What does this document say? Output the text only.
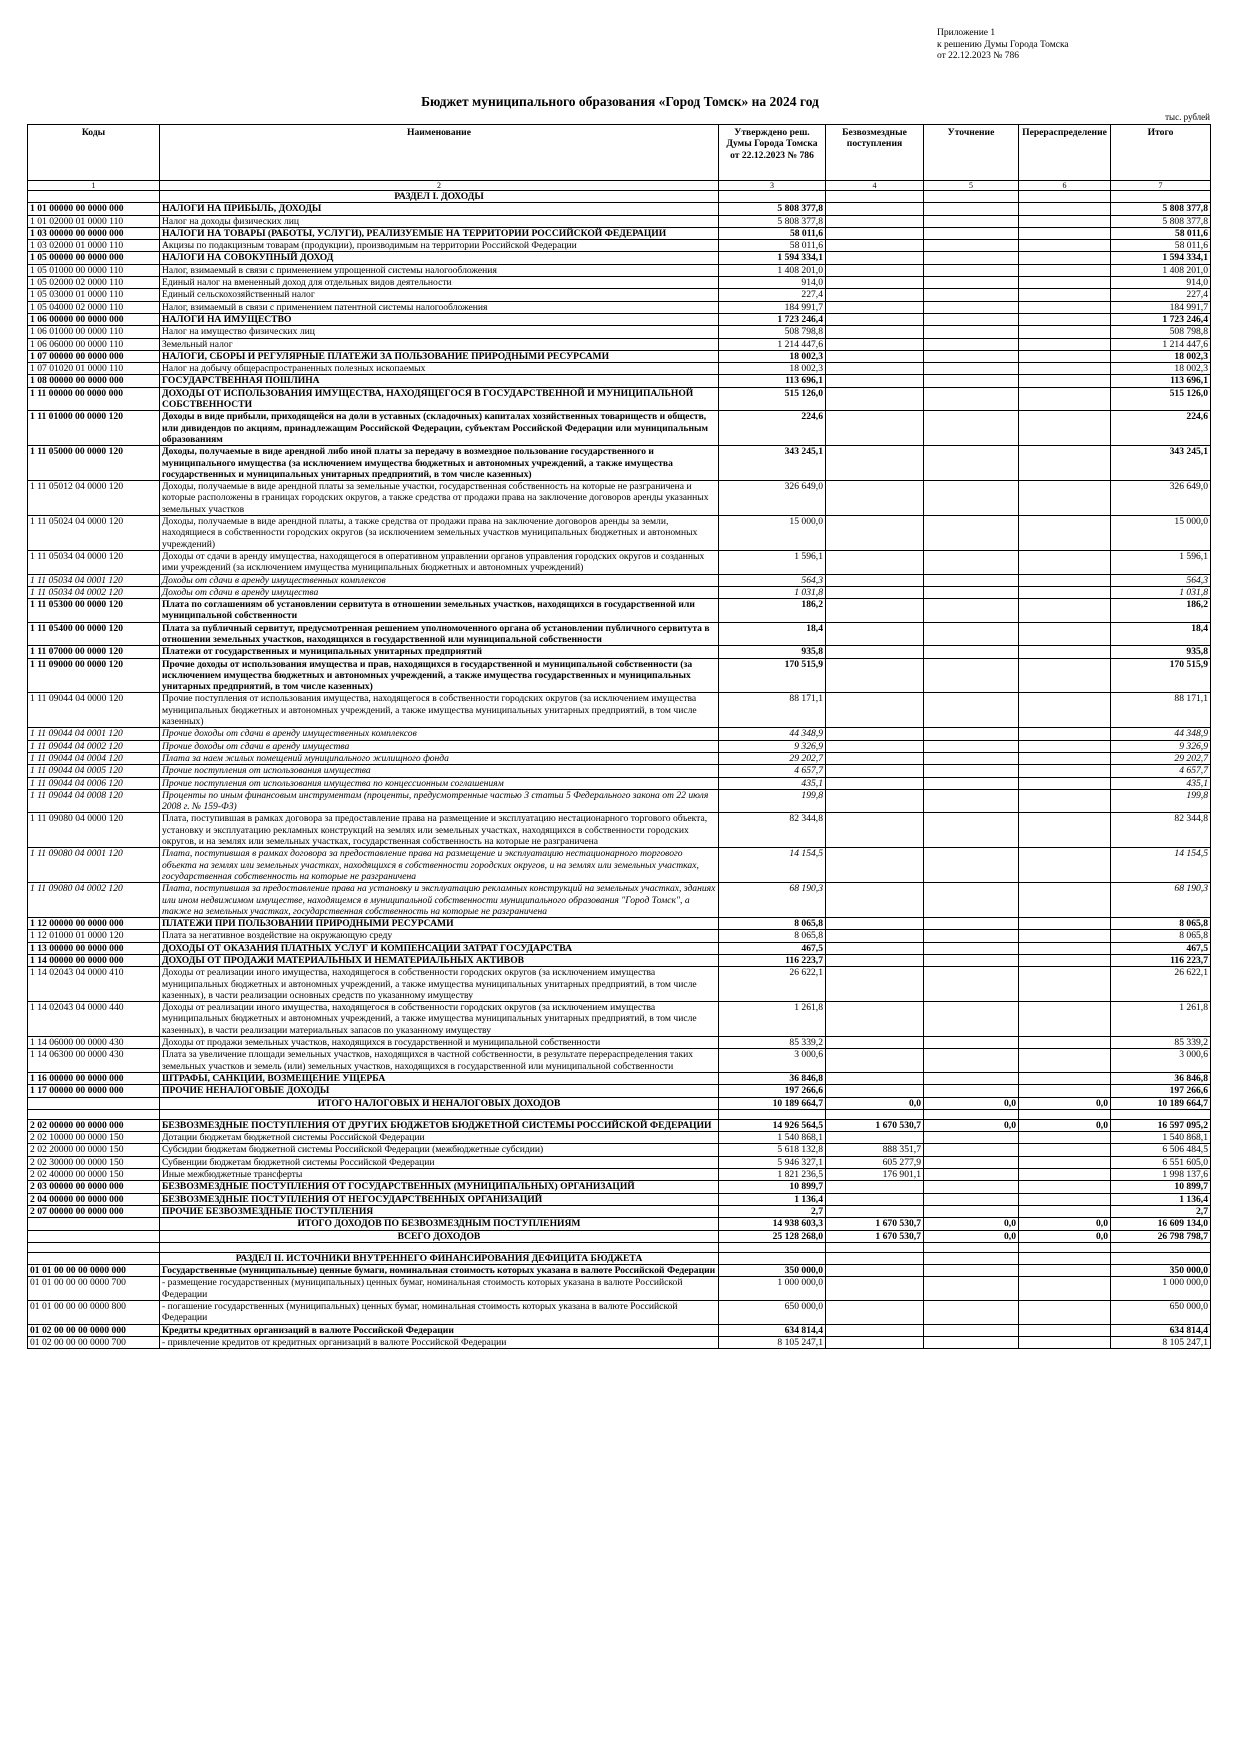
Приложение 1
к решению Думы Города Томска
от 22.12.2023 № 786
Бюджет муниципального образования «Город Томск» на 2024 год
тыс. рублей
Коды	Наименование	Утверждено реш. Думы Города Томска от 22.12.2023 № 786	Безвозмездные поступления	Уточнение	Перераспределение	Итого
1	2	3	4	5	6	7
	РАЗДЕЛ I. ДОХОДЫ					
1 01 00000 00 0000 000	НАЛОГИ НА ПРИБЫЛЬ, ДОХОДЫ	5 808 377,8				5 808 377,8
1 01 02000 01 0000 110	Налог на доходы физических лиц	5 808 377,8				5 808 377,8
1 03 00000 00 0000 000	НАЛОГИ НА ТОВАРЫ (РАБОТЫ, УСЛУГИ), РЕАЛИЗУЕМЫЕ НА ТЕРРИТОРИИ РОССИЙСКОЙ ФЕДЕРАЦИИ	58 011,6				58 011,6
1 03 02000 01 0000 110	Акцизы по подакцизным товарам (продукции), производимым на территории Российской Федерации	58 011,6				58 011,6
1 05 00000 00 0000 000	НАЛОГИ НА СОВОКУПНЫЙ ДОХОД	1 594 334,1				1 594 334,1
1 05 01000 00 0000 110	Налог, взимаемый в связи с применением упрощенной системы налогообложения	1 408 201,0				1 408 201,0
1 05 02000 02 0000 110	Единый налог на вмененный доход для отдельных видов деятельности	914,0				914,0
1 05 03000 01 0000 110	Единый сельскохозяйственный налог	227,4				227,4
1 05 04000 02 0000 110	Налог, взимаемый в связи с применением патентной системы налогообложения	184 991,7				184 991,7
1 06 00000 00 0000 000	НАЛОГИ НА ИМУЩЕСТВО	1 723 246,4				1 723 246,4
1 06 01000 00 0000 110	Налог на имущество физических лиц	508 798,8				508 798,8
1 06 06000 00 0000 110	Земельный налог	1 214 447,6				1 214 447,6
1 07 00000 00 0000 000	НАЛОГИ, СБОРЫ И РЕГУЛЯРНЫЕ ПЛАТЕЖИ ЗА ПОЛЬЗОВАНИЕ ПРИРОДНЫМИ РЕСУРСАМИ	18 002,3				18 002,3
1 07 01020 01 0000 110	Налог на добычу общераспространенных полезных ископаемых	18 002,3				18 002,3
1 08 00000 00 0000 000	ГОСУДАРСТВЕННАЯ ПОШЛИНА	113 696,1				113 696,1
1 11 00000 00 0000 000	ДОХОДЫ ОТ ИСПОЛЬЗОВАНИЯ ИМУЩЕСТВА, НАХОДЯЩЕГОСЯ В ГОСУДАРСТВЕННОЙ И МУНИЦИПАЛЬНОЙ СОБСТВЕННОСТИ	515 126,0				515 126,0
1 11 01000 00 0000 120	Доходы в виде прибыли, приходящейся на доли в уставных (складочных) капиталах хозяйственных товариществ и обществ, или дивидендов по акциям, принадлежащим Российской Федерации, субъектам Российской Федерации или муниципальным образованиям	224,6				224,6
1 11 05000 00 0000 120	Доходы, получаемые в виде арендной либо иной платы за передачу в возмездное пользование государственного и муниципального имущества (за исключением имущества бюджетных и автономных учреждений, а также имущества государственных и муниципальных унитарных предприятий, в том числе казенных)	343 245,1				343 245,1
1 11 05012 04 0000 120	Доходы, получаемые в виде арендной платы за земельные участки, государственная собственность на которые не разграничена и которые расположены в границах городских округов, а также средства от продажи права на заключение договоров аренды указанных земельных участков	326 649,0				326 649,0
1 11 05024 04 0000 120	Доходы, получаемые в виде арендной платы, а также средства от продажи права на заключение договоров аренды за земли, находящиеся в собственности городских округов (за исключением земельных участков муниципальных бюджетных и автономных учреждений)	15 000,0				15 000,0
1 11 05034 04 0000 120	Доходы от сдачи в аренду имущества, находящегося в оперативном управлении органов управления городских округов и созданных ими учреждений (за исключением имущества муниципальных бюджетных и автономных учреждений)	1 596,1				1 596,1
1 11 05034 04 0001 120	Доходы от сдачи в аренду имущественных комплексов	564,3				564,3
1 11 05034 04 0002 120	Доходы от сдачи в аренду имущества	1 031,8				1 031,8
1 11 05300 00 0000 120	Плата по соглашениям об установлении сервитута в отношении земельных участков, находящихся в государственной или муниципальной собственности	186,2				186,2
1 11 05400 00 0000 120	Плата за публичный сервитут, предусмотренная решением уполномоченного органа об установлении публичного сервитута в отношении земельных участков, находящихся в государственной или муниципальной собственности	18,4				18,4
1 11 07000 00 0000 120	Платежи от государственных и муниципальных унитарных предприятий	935,8				935,8
1 11 09000 00 0000 120	Прочие доходы от использования имущества и прав, находящихся в государственной и муниципальной собственности (за исключением имущества бюджетных и автономных учреждений, а также имущества государственных и муниципальных унитарных предприятий, в том числе казенных)	170 515,9				170 515,9
1 11 09044 04 0000 120	Прочие поступления от использования имущества, находящегося в собственности городских округов (за исключением имущества муниципальных бюджетных и автономных учреждений, а также имущества муниципальных унитарных предприятий, в том числе казенных)	88 171,1				88 171,1
1 11 09044 04 0001 120	Прочие доходы от сдачи в аренду имущественных комплексов	44 348,9				44 348,9
1 11 09044 04 0002 120	Прочие доходы от сдачи в аренду имущества	9 326,9				9 326,9
1 11 09044 04 0004 120	Плата за наем жилых помещений муниципального жилищного фонда	29 202,7				29 202,7
1 11 09044 04 0005 120	Прочие поступления от использования имущества	4 657,7				4 657,7
1 11 09044 04 0006 120	Прочие поступления от использования имущества по концессионным соглашениям	435,1				435,1
1 11 09044 04 0008 120	Проценты по иным финансовым инструментам (проценты, предусмотренные частью 3 статьи 5 Федерального закона от 22 июля 2008 г. № 159-ФЗ)	199,8				199,8
1 11 09080 04 0000 120	Плата, поступившая в рамках договора за предоставление права на размещение и эксплуатацию нестационарного торгового объекта, установку и эксплуатацию рекламных конструкций на землях или земельных участках, находящихся в собственности городских округов, и на землях или земельных участках, государственная собственность на которые не разграничена	82 344,8				82 344,8
1 11 09080 04 0001 120	Плата, поступившая в рамках договора за предоставление права на размещение и эксплуатацию нестационарного торгового объекта на землях или земельных участках, находящихся в собственности городских округов, и на землях или земельных участках, государственная собственность на которые не разграничена	14 154,5				14 154,5
1 11 09080 04 0002 120	Плата, поступившая за предоставление права на установку и эксплуатацию рекламных конструкций на земельных участках, зданиях или ином недвижимом имуществе, находящемся в муниципальной собственности муниципального образования "Город Томск", а также на земельных участках, государственная собственность на которые не разграничена	68 190,3				68 190,3
1 12 00000 00 0000 000	ПЛАТЕЖИ ПРИ ПОЛЬЗОВАНИИ ПРИРОДНЫМИ РЕСУРСАМИ	8 065,8				8 065,8
1 12 01000 01 0000 120	Плата за негативное воздействие на окружающую среду	8 065,8				8 065,8
1 13 00000 00 0000 000	ДОХОДЫ ОТ ОКАЗАНИЯ ПЛАТНЫХ УСЛУГ И КОМПЕНСАЦИИ ЗАТРАТ ГОСУДАРСТВА	467,5				467,5
1 14 00000 00 0000 000	ДОХОДЫ ОТ ПРОДАЖИ МАТЕРИАЛЬНЫХ И НЕМАТЕРИАЛЬНЫХ АКТИВОВ	116 223,7				116 223,7
1 14 02043 04 0000 410	Доходы от реализации иного имущества, находящегося в собственности городских округов (за исключением имущества муниципальных бюджетных и автономных учреждений, а также имущества муниципальных унитарных предприятий, в том числе казенных), в части реализации основных средств по указанному имуществу	26 622,1				26 622,1
1 14 02043 04 0000 440	Доходы от реализации иного имущества, находящегося в собственности городских округов (за исключением имущества муниципальных бюджетных и автономных учреждений, а также имущества муниципальных унитарных предприятий, в том числе казенных), в части реализации материальных запасов по указанному имуществу	1 261,8				1 261,8
1 14 06000 00 0000 430	Доходы от продажи земельных участков, находящихся в государственной и муниципальной собственности	85 339,2				85 339,2
1 14 06300 00 0000 430	Плата за увеличение площади земельных участков, находящихся в частной собственности, в результате перераспределения таких земельных участков и земель (или) земельных участков, находящихся в государственной или муниципальной собственности	3 000,6				3 000,6
1 16 00000 00 0000 000	ШТРАФЫ, САНКЦИИ, ВОЗМЕЩЕНИЕ УЩЕРБА	36 846,8				36 846,8
1 17 00000 00 0000 000	ПРОЧИЕ НЕНАЛОГОВЫЕ ДОХОДЫ	197 266,6				197 266,6
	ИТОГО НАЛОГОВЫХ И НЕНАЛОГОВЫХ ДОХОДОВ	10 189 664,7	0,0	0,0	0,0	10 189 664,7

2 02 00000 00 0000 000	БЕЗВОЗМЕЗДНЫЕ ПОСТУПЛЕНИЯ ОТ ДРУГИХ БЮДЖЕТОВ БЮДЖЕТНОЙ СИСТЕМЫ РОССИЙСКОЙ ФЕДЕРАЦИИ	14 926 564,5	1 670 530,7	0,0	0,0	16 597 095,2
2 02 10000 00 0000 150	Дотации бюджетам бюджетной системы Российской Федерации	1 540 868,1				1 540 868,1
2 02 20000 00 0000 150	Субсидии бюджетам бюджетной системы Российской Федерации (межбюджетные субсидии)	5 618 132,8	888 351,7			6 506 484,5
2 02 30000 00 0000 150	Субвенции бюджетам бюджетной системы Российской Федерации	5 946 327,1	605 277,9			6 551 605,0
2 02 40000 00 0000 150	Иные межбюджетные трансферты	1 821 236,5	176 901,1			1 998 137,6
2 03 00000 00 0000 000	БЕЗВОЗМЕЗДНЫЕ ПОСТУПЛЕНИЯ ОТ ГОСУДАРСТВЕННЫХ (МУНИЦИПАЛЬНЫХ) ОРГАНИЗАЦИЙ	10 899,7				10 899,7
2 04 00000 00 0000 000	БЕЗВОЗМЕЗДНЫЕ ПОСТУПЛЕНИЯ ОТ НЕГОСУДАРСТВЕННЫХ ОРГАНИЗАЦИЙ	1 136,4				1 136,4
2 07 00000 00 0000 000	ПРОЧИЕ БЕЗВОЗМЕЗДНЫЕ ПОСТУПЛЕНИЯ	2,7				2,7
	ИТОГО ДОХОДОВ ПО БЕЗВОЗМЕЗДНЫМ ПОСТУПЛЕНИЯМ	14 938 603,3	1 670 530,7	0,0	0,0	16 609 134,0
	ВСЕГО ДОХОДОВ	25 128 268,0	1 670 530,7	0,0	0,0	26 798 798,7

	РАЗДЕЛ II. ИСТОЧНИКИ ВНУТРЕННЕГО ФИНАНСИРОВАНИЯ ДЕФИЦИТА БЮДЖЕТА					
01 01 00 00 00 0000 000	Государственные (муниципальные) ценные бумаги, номинальная стоимость которых указана в валюте Российской Федерации	350 000,0				350 000,0
01 01 00 00 00 0000 700	- размещение государственных (муниципальных) ценных бумаг, номинальная стоимость которых указана в валюте Российской Федерации	1 000 000,0				1 000 000,0
01 01 00 00 00 0000 800	- погашение государственных (муниципальных) ценных бумаг, номинальная стоимость которых указана в валюте Российской Федерации	650 000,0				650 000,0
01 02 00 00 00 0000 000	Кредиты кредитных организаций в валюте Российской Федерации	634 814,4				634 814,4
01 02 00 00 00 0000 700	- привлечение кредитов от кредитных организаций в валюте Российской Федерации	8 105 247,1				8 105 247,1
